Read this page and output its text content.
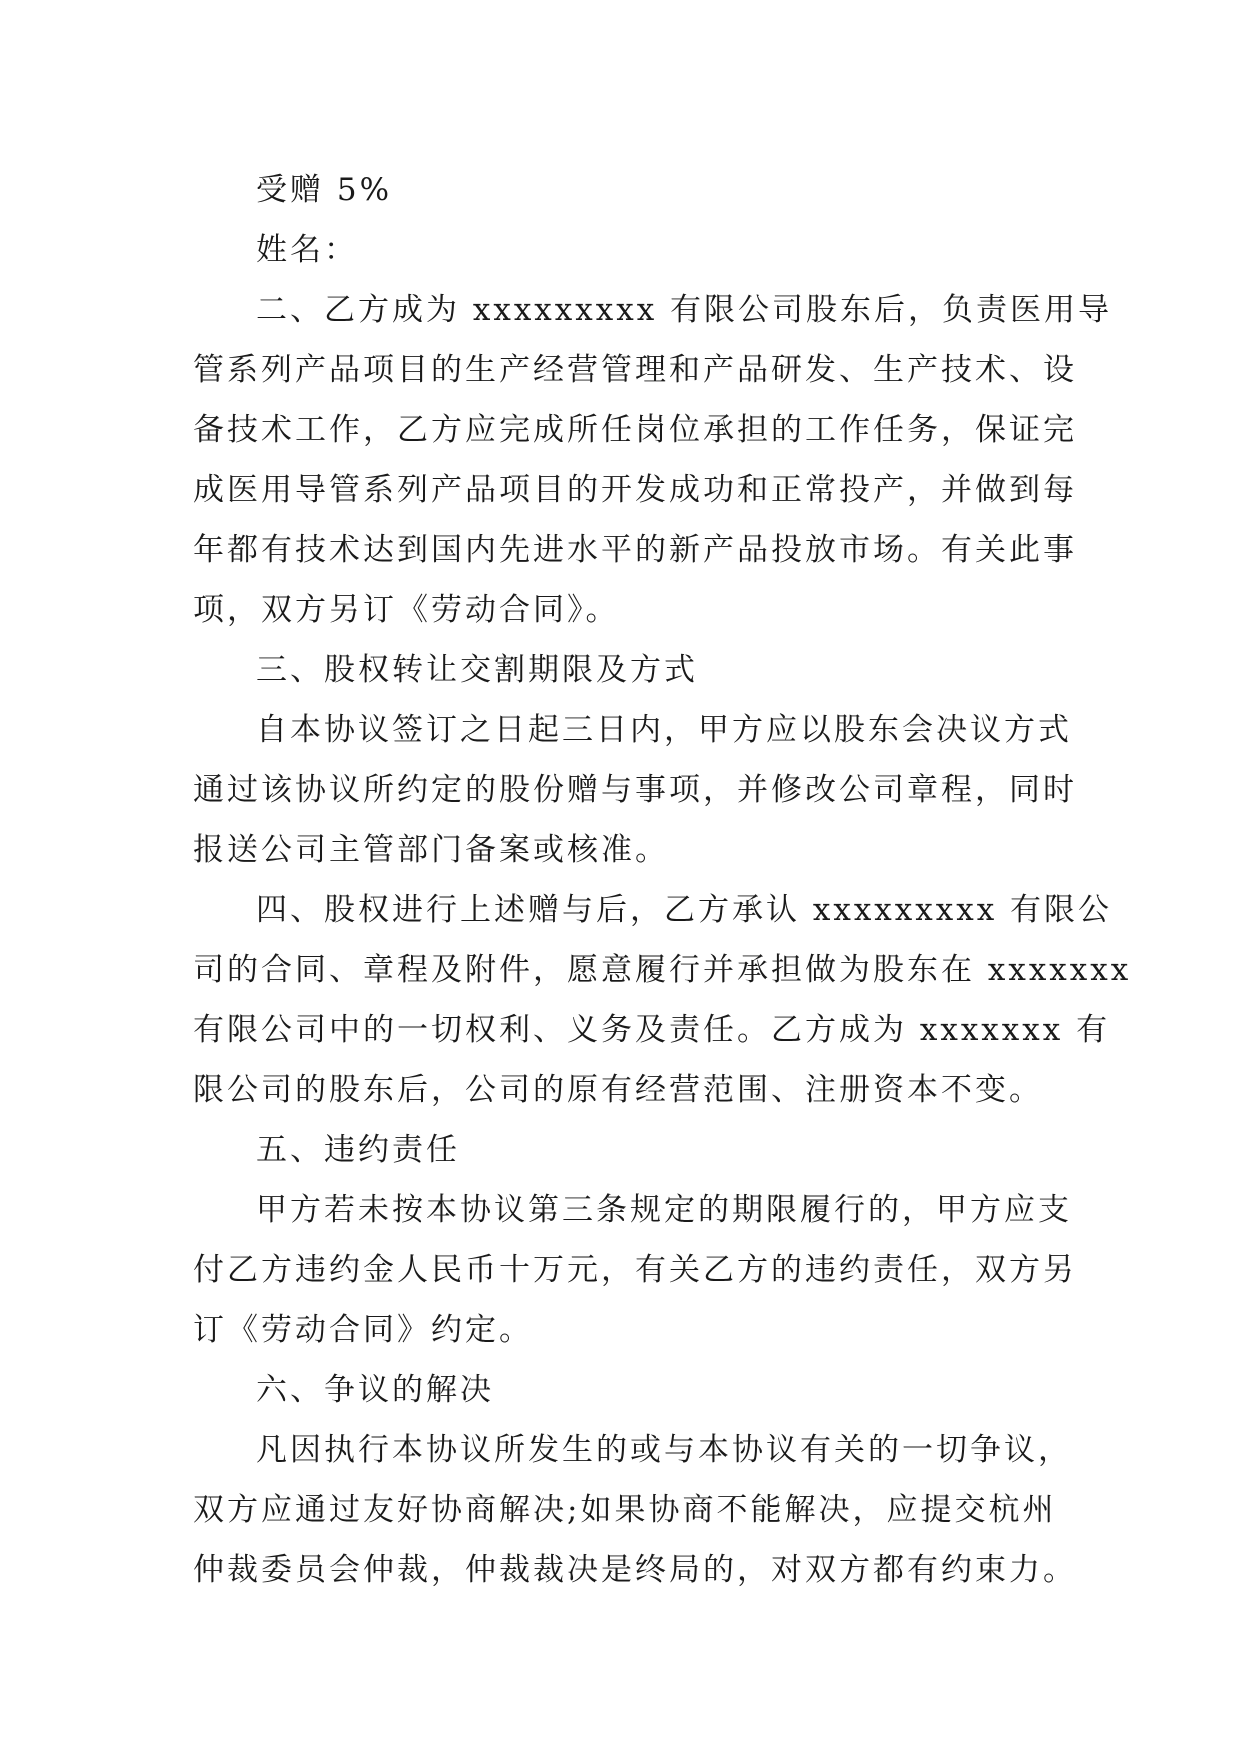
受赠 5%

姓名：

二、乙方成为 xxxxxxxxx 有限公司股东后，负责医用导

管系列产品项目的生产经营管理和产品研发、生产技术、设

备技术工作，乙方应完成所任岗位承担的工作任务，保证完

成医用导管系列产品项目的开发成功和正常投产，并做到每

年都有技术达到国内先进水平的新产品投放市场。有关此事

项，双方另订《劳动合同》。

三、股权转让交割期限及方式

自本协议签订之日起三日内，甲方应以股东会决议方式

通过该协议所约定的股份赠与事项，并修改公司章程，同时

报送公司主管部门备案或核准。

四、股权进行上述赠与后，乙方承认 xxxxxxxxx 有限公

司的合同、章程及附件，愿意履行并承担做为股东在 xxxxxxx

有限公司中的一切权利、义务及责任。乙方成为 xxxxxxx 有

限公司的股东后，公司的原有经营范围、注册资本不变。

五、违约责任

甲方若未按本协议第三条规定的期限履行的，甲方应支

付乙方违约金人民币十万元，有关乙方的违约责任，双方另

订《劳动合同》约定。

六、争议的解决

凡因执行本协议所发生的或与本协议有关的一切争议，

双方应通过友好协商解决;如果协商不能解决，应提交杭州

仲裁委员会仲裁，仲裁裁决是终局的，对双方都有约束力。
